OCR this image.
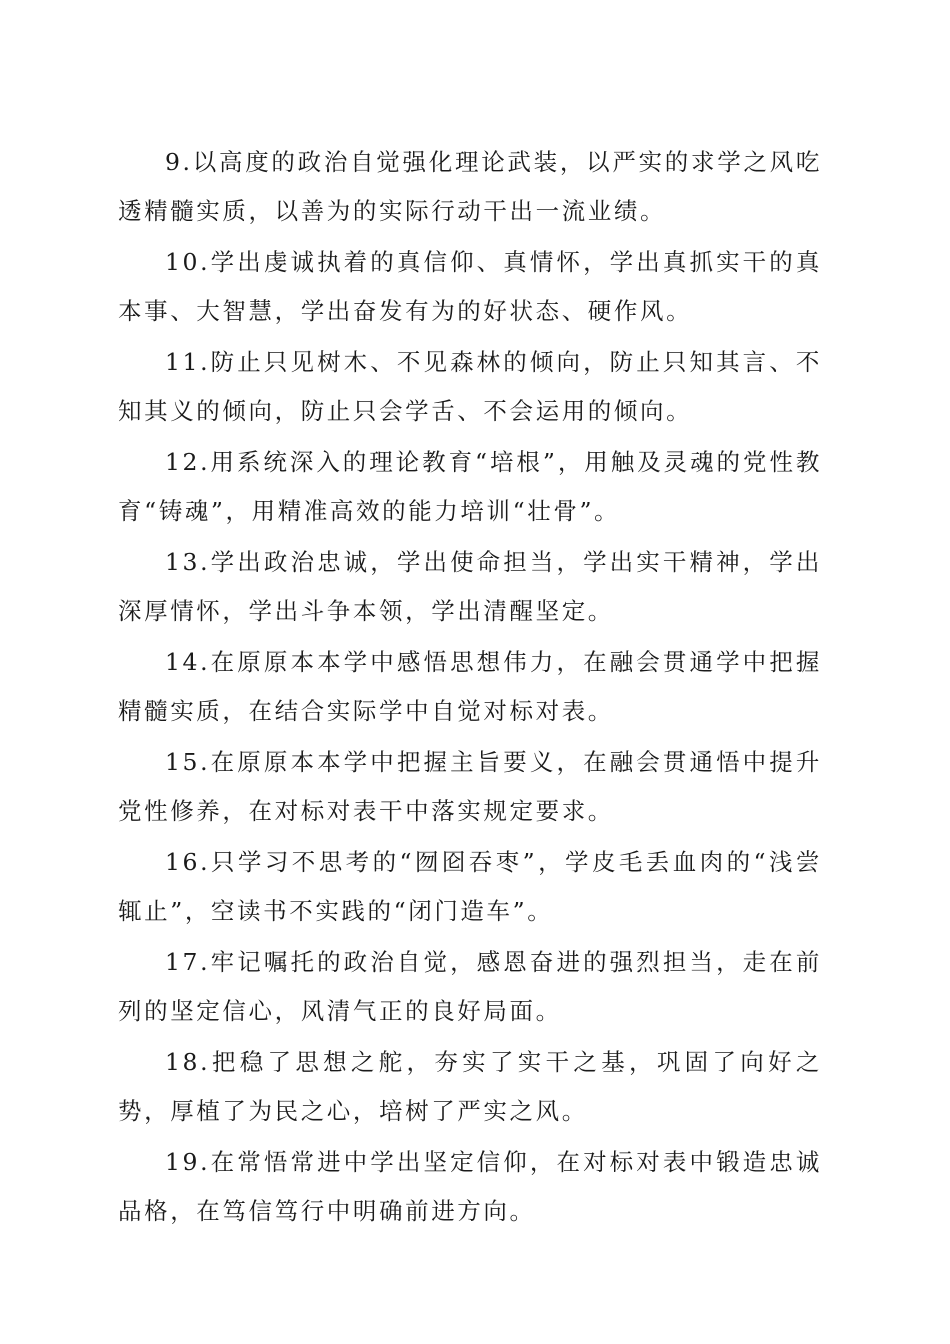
9.以高度的政治自觉强化理论武装，以严实的求学之风吃透精髓实质，以善为的实际行动干出一流业绩。

10.学出虔诚执着的真信仰、真情怀，学出真抓实干的真本事、大智慧，学出奋发有为的好状态、硬作风。

11.防止只见树木、不见森林的倾向，防止只知其言、不知其义的倾向，防止只会学舌、不会运用的倾向。

12.用系统深入的理论教育“培根”，用触及灵魂的党性教育“铸魂”，用精准高效的能力培训“壮骨”。

13.学出政治忠诚，学出使命担当，学出实干精神，学出深厚情怀，学出斗争本领，学出清醒坚定。

14.在原原本本学中感悟思想伟力，在融会贯通学中把握精髓实质，在结合实际学中自觉对标对表。

15.在原原本本学中把握主旨要义，在融会贯通悟中提升党性修养，在对标对表干中落实规定要求。

16.只学习不思考的“囫囵吞枣”，学皮毛丢血肉的“浅尝辄止”，空读书不实践的“闭门造车”。

17.牢记嘱托的政治自觉，感恩奋进的强烈担当，走在前列的坚定信心，风清气正的良好局面。

18.把稳了思想之舵，夯实了实干之基，巩固了向好之势，厚植了为民之心，培树了严实之风。

19.在常悟常进中学出坚定信仰，在对标对表中锻造忠诚品格，在笃信笃行中明确前进方向。
